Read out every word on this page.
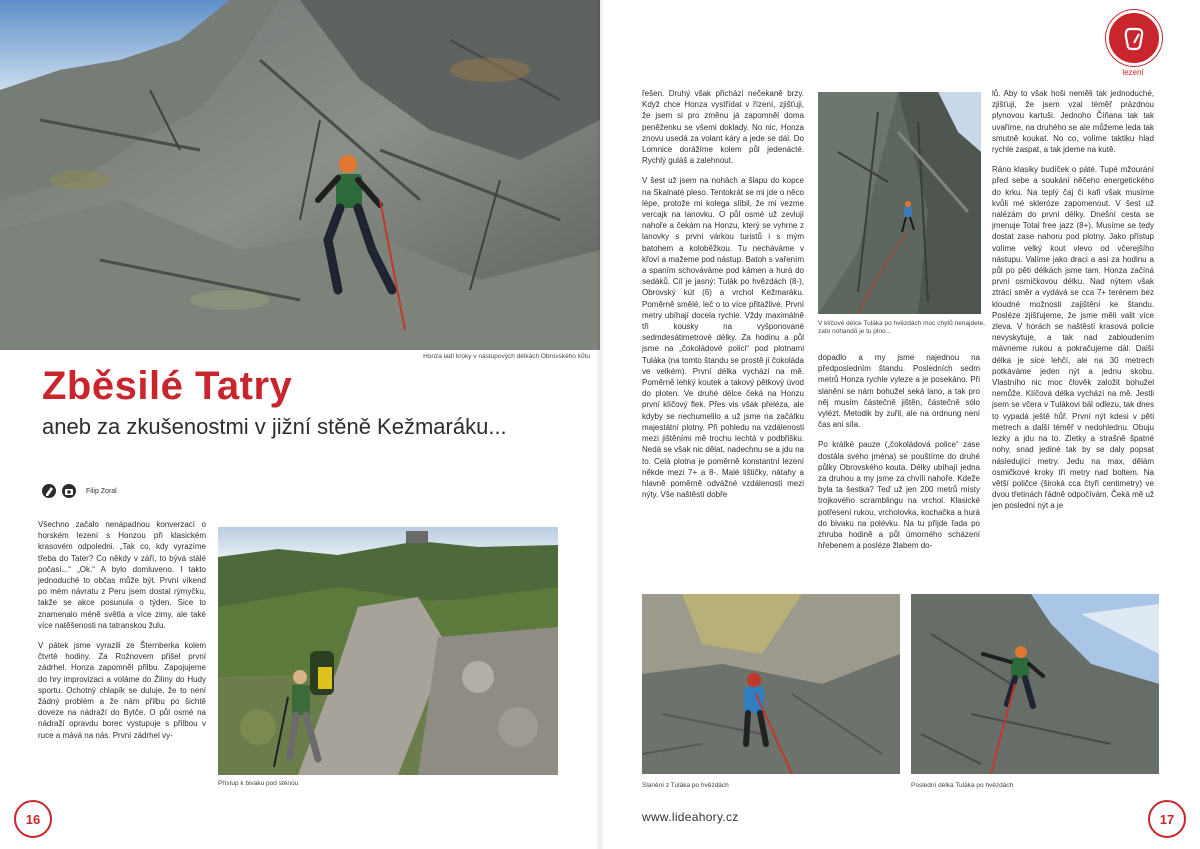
Honza ladí kroky v nástupových délkách Obrovského kůtu
Zběsilé Tatry
aneb za zkušenostmi v jižní stěně Kežmaráku...
Filip Zoral

Všechno začalo nenápadnou konverzací o horském lezení s Honzou při klasickém krasovém odpoledni. „Tak co, kdy vyrazíme třeba do Tater? Co někdy v září, to bývá stálé počasí...“ „Ok.“ A bylo domluveno. I takto jednoduché to občas může být. První víkend po mém návratu z Peru jsem dostal rýmyčku, takže se akce posunula o týden. Sice to znamenalo méně světla a více zimy, ale také více natěšenosti na tatranskou žulu.

V pátek jsme vyrazili ze Šternberka kolem čtvrté hodiny. Za Rožnovem přišel první zádrhel. Honza zapomněl přilbu. Zapojujeme do hry improvizaci a voláme do Žiliny do Hudy sportu. Ochotný chlapík se duluje, že to není žádný problém a že nám přilbu po šichtě doveze na nádraží do Bytče. O půl osmé na nádraží opravdu borec vystupuje s přilbou v ruce a mává na nás. První zádrhel vy-

Přístup k bivaku pod stěnou
16

řešen. Druhý však přichází nečekaně brzy. Když chce Honza vystřídat v řízení, zjišťuji, že jsem si pro změnu já zapomněl doma peněženku se všemi doklady. No nic, Honza znovu usedá za volant káry a jede se dál. Do Lomnice dorážíme kolem půl jedenácté. Rychlý guláš a zalehnout.

V šest už jsem na nohách a šlapu do kopce na Skalnaté pleso. Tentokrát se mi jde o něco lépe, protože mi kolega slíbil, že mi vezme vercajk na lanovku. O půl osmé už zevlují nahoře a čekám na Honzu, který se vyhrne z lanovky s první várkou turistů i s mým batohem a koloběžkou. Tu necháváme v křoví a mažeme pod nástup. Batoh s vařením a spaním schováváme pod kámen a hurá do sedáků. Cíl je jasný: Tulák po hvězdách (8-), Obrovský kút (6) a vrchol Kežmaráku. Poměrně smělé, leč o to více přitažlivé. První metry ubíhají docela rychle. Vždy maximálně tři kousky na vyšponované sedmdesátimetrové délky. Za hodinu a půl jsme na „čokoládové polici“ pod plotnami Tuláka (na tomto štandu se prostě jí čokoláda ve velkém). První délka vychází na mě. Poměrně lehký koutek a takový pětkový úvod do ploten. Ve druhé délce čeká na Honzu první klíčový flek. Přes vis však přeléza, ale kdyby se nechumelilo a už jsme na začátku majestátní plotny. Při pohledu na vzdálenosti mezi jištěními mě trochu lechtá v podbřišku. Nedá se však nic dělat, nadechnu se a jdu na to. Celá plotna je poměrně konstantní lezení někde mezi 7+ a 8-. Malé lištičky, nátahy a hlavně poměrně odvážné vzdálenosti mezi nýty. Vše naštěstí dobře

V klíčové délce Tuláka po hvězdách moc chytů nenajdete, zato nohandů je tu plno...

dopadlo a my jsme najednou na předposledním štandu. Posledních sedm metrů Honza rychle vyleze a je posekáno. Při slanění se nám bohužel seká lano, a tak pro něj musím částečně jištěn, částečně sólo vylézt. Metodik by zuřil, ale na ordnung není čas ani síla.

Po krátké pauze („čokoládová police“ zase dostála svého jména) se pouštíme do druhé půlky Obrovského kouta. Délky ubíhají jedna za druhou a my jsme za chvíli nahoře. Kdeže byla ta šestka? Teď už jen 200 metrů místy trojkového scramblingu na vrchol. Klasické potřesení rukou, vrcholovka, kochačka a hurá do bivaku na polévku. Na tu přijde řada po zhruba hodině a půl úmorného scházení hřebenem a posléze žlabem do-

lů. Aby to však hoši neměli tak jednoduché, zjišťuji, že jsem vzal téměř prázdnou plynovou kartuši. Jednoho Číňana tak tak uvaříme, na druhého se ale můžeme leda tak smutně koukat. No co, volíme taktiku hlad rychle zaspat, a tak jdeme na kutě.

Ráno klasiky budíček o páté. Tupé mžourání před sebe a soukání něčeho energetického do krku. Na teplý čaj či kafi však musíme kvůli mé skleróze zapomenout. V šest už nalézám do první délky. Dnešní cesta se jmenuje Total free jazz (8+). Musíme se tedy dostat zase nahoru pod plotny. Jako přístup volíme velký kout vlevo od včerejšího nástupu. Valíme jako draci a asi za hodinu a půl po pěti délkách jsme tam. Honza začíná první osmičkovou délku. Nad nýtem však ztrácí směr a vydává se cca 7+ terénem bez kloudné možnosti zajištění ke štandu. Posléze zjišťujeme, že jsme měli valit více zleva. V horách se naštěstí krasová policie nevyskytuje, a tak nad zabloudením mávneme rukou a pokračujeme dál. Další délka je sice lehčí, ale na 30 metrech potkáváme jeden nýt a jednu skobu. Vlastního nic moc člověk založit bohužel nemůže. Klíčová délka vychází na mě. Jestli jsem se včera v Tulákovi bál odlezu, tak dnes to vypadá ještě hůř. První nýt kdesi v pěti metrech a další téměř v nedohlednu. Obuju lezky a jdu na to. Zletky a strašně špatné nohy, snad jediné tak by se daly popsat následující metry. Jedu na max, dělám osmičkové kroky tři metry nad boltem. Na větší poličce (široká cca čtyři centimetry) ve dvou třetinách řádně odpočívám. Čeká mě už jen poslední nýt a je

Slanění z Tuláka po hvězdách	Poslední délka Tuláka po hvězdách
17
www.lideahory.cz
lezení
